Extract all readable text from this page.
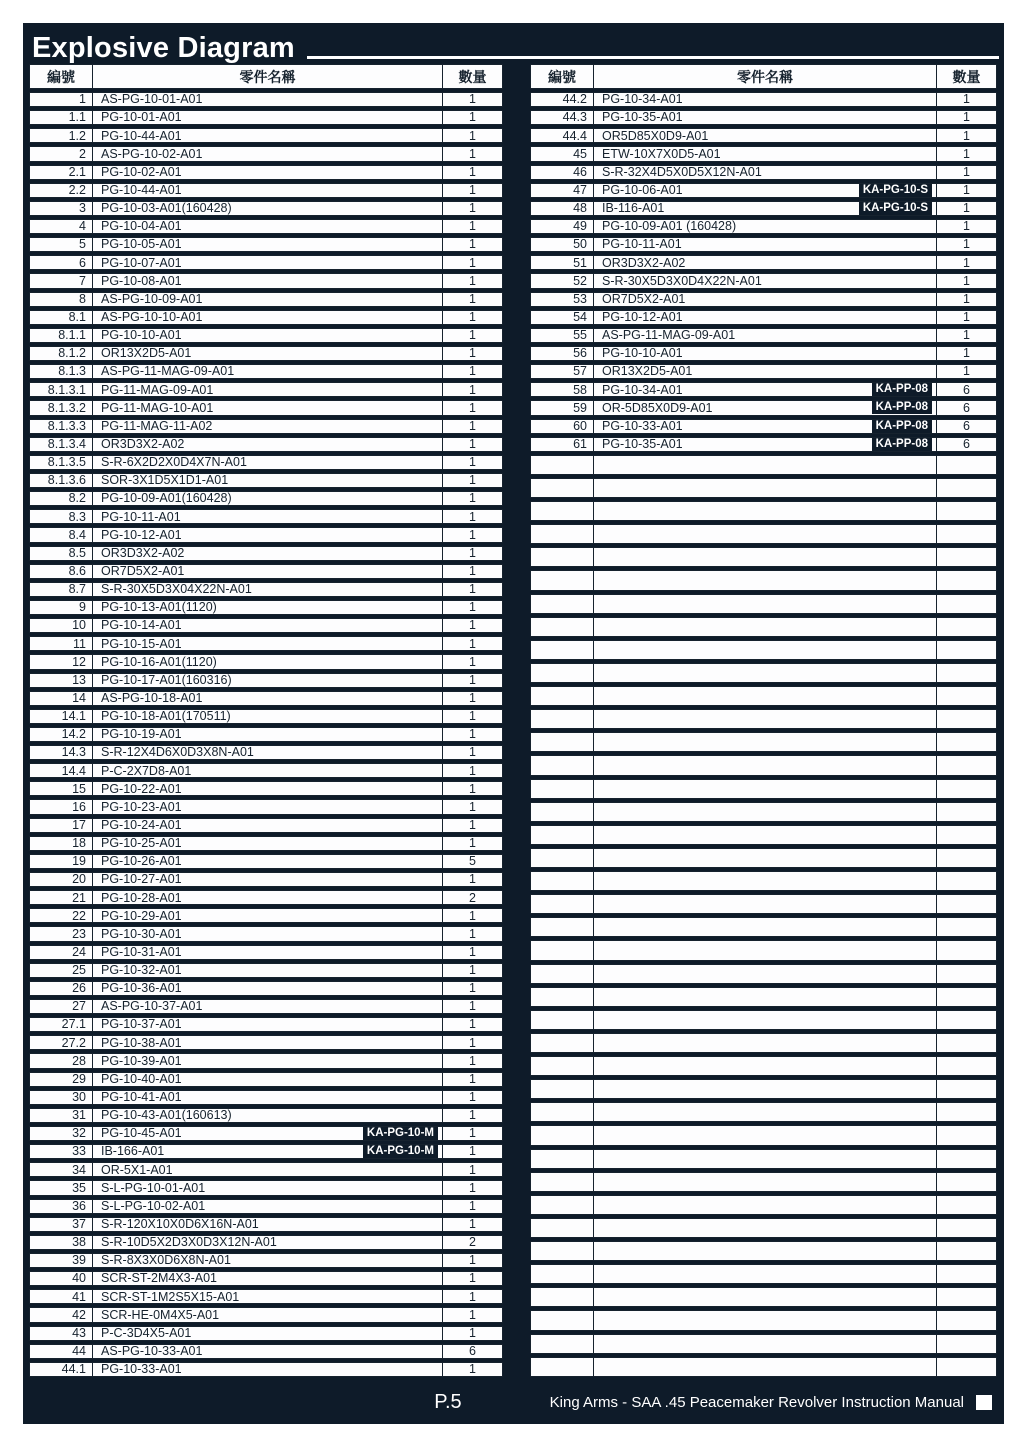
Explosive Diagram
編號	零件名稱	數量
1	AS-PG-10-01-A01	1
1.1	PG-10-01-A01	1
1.2	PG-10-44-A01	1
2	AS-PG-10-02-A01	1
2.1	PG-10-02-A01	1
2.2	PG-10-44-A01	1
3	PG-10-03-A01(160428)	1
4	PG-10-04-A01	1
5	PG-10-05-A01	1
6	PG-10-07-A01	1
7	PG-10-08-A01	1
8	AS-PG-10-09-A01	1
8.1	AS-PG-10-10-A01	1
8.1.1	PG-10-10-A01	1
8.1.2	OR13X2D5-A01	1
8.1.3	AS-PG-11-MAG-09-A01	1
8.1.3.1	PG-11-MAG-09-A01	1
8.1.3.2	PG-11-MAG-10-A01	1
8.1.3.3	PG-11-MAG-11-A02	1
8.1.3.4	OR3D3X2-A02	1
8.1.3.5	S-R-6X2D2X0D4X7N-A01	1
8.1.3.6	SOR-3X1D5X1D1-A01	1
8.2	PG-10-09-A01(160428)	1
8.3	PG-10-11-A01	1
8.4	PG-10-12-A01	1
8.5	OR3D3X2-A02	1
8.6	OR7D5X2-A01	1
8.7	S-R-30X5D3X04X22N-A01	1
9	PG-10-13-A01(1120)	1
10	PG-10-14-A01	1
11	PG-10-15-A01	1
12	PG-10-16-A01(1120)	1
13	PG-10-17-A01(160316)	1
14	AS-PG-10-18-A01	1
14.1	PG-10-18-A01(170511)	1
14.2	PG-10-19-A01	1
14.3	S-R-12X4D6X0D3X8N-A01	1
14.4	P-C-2X7D8-A01	1
15	PG-10-22-A01	1
16	PG-10-23-A01	1
17	PG-10-24-A01	1
18	PG-10-25-A01	1
19	PG-10-26-A01	5
20	PG-10-27-A01	1
21	PG-10-28-A01	2
22	PG-10-29-A01	1
23	PG-10-30-A01	1
24	PG-10-31-A01	1
25	PG-10-32-A01	1
26	PG-10-36-A01	1
27	AS-PG-10-37-A01	1
27.1	PG-10-37-A01	1
27.2	PG-10-38-A01	1
28	PG-10-39-A01	1
29	PG-10-40-A01	1
30	PG-10-41-A01	1
31	PG-10-43-A01(160613)	1
32	PG-10-45-A01	KA-PG-10-M	1
33	IB-166-A01	KA-PG-10-M	1
34	OR-5X1-A01	1
35	S-L-PG-10-01-A01	1
36	S-L-PG-10-02-A01	1
37	S-R-120X10X0D6X16N-A01	1
38	S-R-10D5X2D3X0D3X12N-A01	2
39	S-R-8X3X0D6X8N-A01	1
40	SCR-ST-2M4X3-A01	1
41	SCR-ST-1M2S5X15-A01	1
42	SCR-HE-0M4X5-A01	1
43	P-C-3D4X5-A01	1
44	AS-PG-10-33-A01	6
44.1	PG-10-33-A01	1
編號	零件名稱	數量
44.2	PG-10-34-A01	1
44.3	PG-10-35-A01	1
44.4	OR5D85X0D9-A01	1
45	ETW-10X7X0D5-A01	1
46	S-R-32X4D5X0D5X12N-A01	1
47	PG-10-06-A01	KA-PG-10-S	1
48	IB-116-A01	KA-PG-10-S	1
49	PG-10-09-A01 (160428)	1
50	PG-10-11-A01	1
51	OR3D3X2-A02	1
52	S-R-30X5D3X0D4X22N-A01	1
53	OR7D5X2-A01	1
54	PG-10-12-A01	1
55	AS-PG-11-MAG-09-A01	1
56	PG-10-10-A01	1
57	OR13X2D5-A01	1
58	PG-10-34-A01	KA-PP-08	6
59	OR-5D85X0D9-A01	KA-PP-08	6
60	PG-10-33-A01	KA-PP-08	6
61	PG-10-35-A01	KA-PP-08	6
P.5	King Arms - SAA .45 Peacemaker Revolver Instruction Manual
